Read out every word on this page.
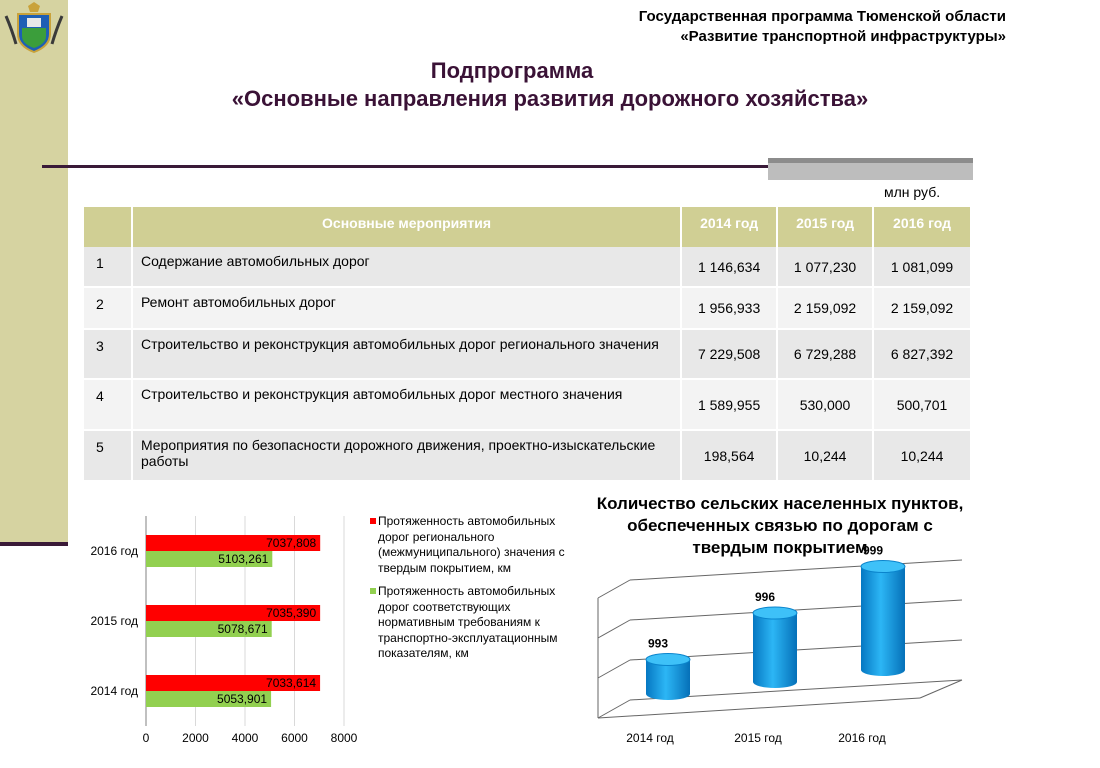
Государственная программа Тюменской области
«Развитие транспортной инфраструктуры»
Подпрограмма
«Основные направления развития дорожного хозяйства»
млн руб.
	Основные мероприятия	2014 год	2015 год	2016 год
1	Содержание автомобильных дорог	1 146,634	1 077,230	1 081,099
2	Ремонт автомобильных дорог	1 956,933	2 159,092	2 159,092
3	Строительство и реконструкция автомобильных дорог регионального значения	7 229,508	6 729,288	6 827,392
4	Строительство и реконструкция автомобильных дорог местного значения	1 589,955	530,000	500,701
5	Мероприятия по безопасности дорожного движения, проектно-изыскательские работы	198,564	10,244	10,244
0	2000 4000 6000 8000
2014 год
7033,614
5053,901
2015 год
7035,390
5078,671
2016 год
7037,808
5103,261
Протяженность автомобильных дорог регионального (межмуниципального) значения с твердым покрытием, км
Протяженность автомобильных дорог соответствующих нормативным требованиям к транспортно-эксплуатационным показателям, км
Количество сельских населенных пунктов, обеспеченных связью по дорогам с твердым покрытием
993
2014 год
996
2015 год
999
2016 год
